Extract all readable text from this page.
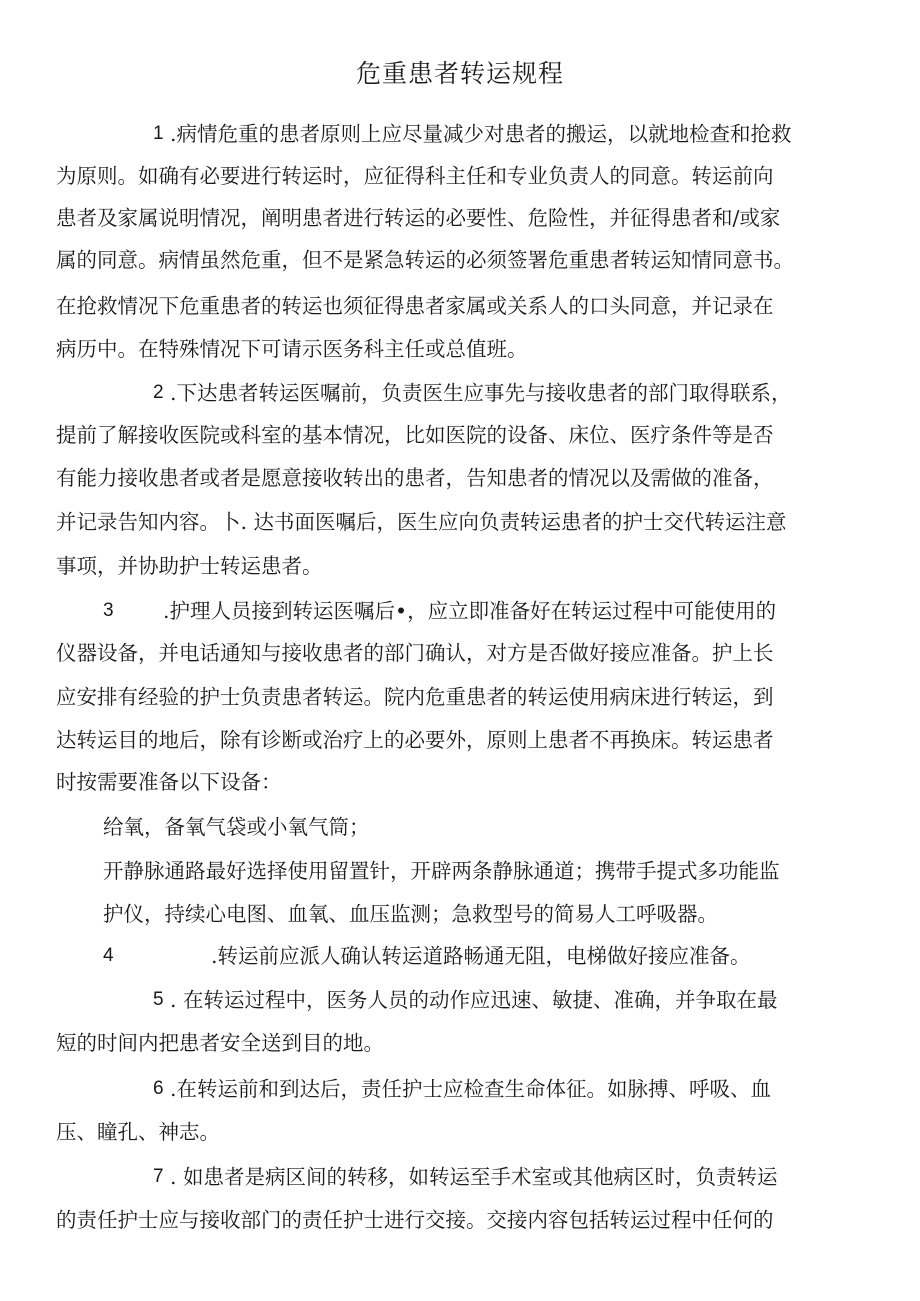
危重患者转运规程
1 .病情危重的患者原则上应尽量减少对患者的搬运，以就地检查和抢救
为原则。如确有必要进行转运时，应征得科主任和专业负责人的同意。转运前向
患者及家属说明情况，阐明患者进行转运的必要性、危险性，并征得患者和/或家
属的同意。病情虽然危重，但不是紧急转运的必须签署危重患者转运知情同意书。
在抢救情况下危重患者的转运也须征得患者家属或关系人的口头同意，并记录在
病历中。在特殊情况下可请示医务科主任或总值班。
2 .下达患者转运医嘱前，负责医生应事先与接收患者的部门取得联系，
提前了解接收医院或科室的基本情况，比如医院的设备、床位、医疗条件等是否
有能力接收患者或者是愿意接收转出的患者，告知患者的情况以及需做的准备，
并记录告知内容。卜. 达书面医嘱后，医生应向负责转运患者的护士交代转运注意
事项，并协助护士转运患者。
3 .护理人员接到转运医嘱后•，应立即准备好在转运过程中可能使用的
仪器设备，并电话通知与接收患者的部门确认，对方是否做好接应准备。护上长
应安排有经验的护士负责患者转运。院内危重患者的转运使用病床进行转运，到
达转运目的地后，除有诊断或治疗上的必要外，原则上患者不再换床。转运患者
时按需要准备以下设备：
给氧，备氧气袋或小氧气筒；
开静脉通路最好选择使用留置针，开辟两条静脉通道；携带手提式多功能监
护仪，持续心电图、血氧、血压监测；急救型号的简易人工呼吸器。
4	.转运前应派人确认转运道路畅通无阻，电梯做好接应准备。
5 . 在转运过程中，医务人员的动作应迅速、敏捷、准确，并争取在最
短的时间内把患者安全送到目的地。
6 .在转运前和到达后，责任护士应检查生命体征。如脉搏、呼吸、血
压、瞳孔、神志。
7 . 如患者是病区间的转移，如转运至手术室或其他病区时，负责转运
的责任护士应与接收部门的责任护士进行交接。交接内容包括转运过程中任何的
